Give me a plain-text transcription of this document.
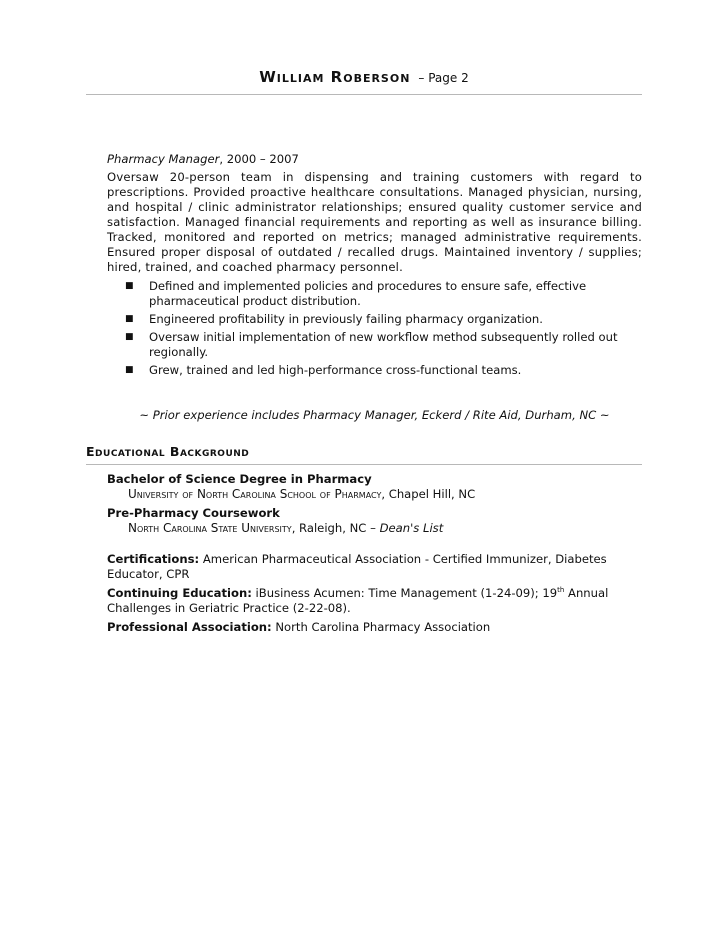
William Roberson – Page 2
Pharmacy Manager, 2000 – 2007
Oversaw 20-person team in dispensing and training customers with regard to prescriptions. Provided proactive healthcare consultations. Managed physician, nursing, and hospital / clinic administrator relationships; ensured quality customer service and satisfaction. Managed financial requirements and reporting as well as insurance billing. Tracked, monitored and reported on metrics; managed administrative requirements. Ensured proper disposal of outdated / recalled drugs. Maintained inventory / supplies; hired, trained, and coached pharmacy personnel.
■ Defined and implemented policies and procedures to ensure safe, effective pharmaceutical product distribution.
■ Engineered profitability in previously failing pharmacy organization.
■ Oversaw initial implementation of new workflow method subsequently rolled out regionally.
■ Grew, trained and led high-performance cross-functional teams.
~ Prior experience includes Pharmacy Manager, Eckerd / Rite Aid, Durham, NC ~
Educational Background
Bachelor of Science Degree in Pharmacy
University of North Carolina School of Pharmacy, Chapel Hill, NC
Pre-Pharmacy Coursework
North Carolina State University, Raleigh, NC – Dean's List
Certifications: American Pharmaceutical Association - Certified Immunizer, Diabetes Educator, CPR
Continuing Education: iBusiness Acumen: Time Management (1-24-09); 19th Annual Challenges in Geriatric Practice (2-22-08).
Professional Association: North Carolina Pharmacy Association
